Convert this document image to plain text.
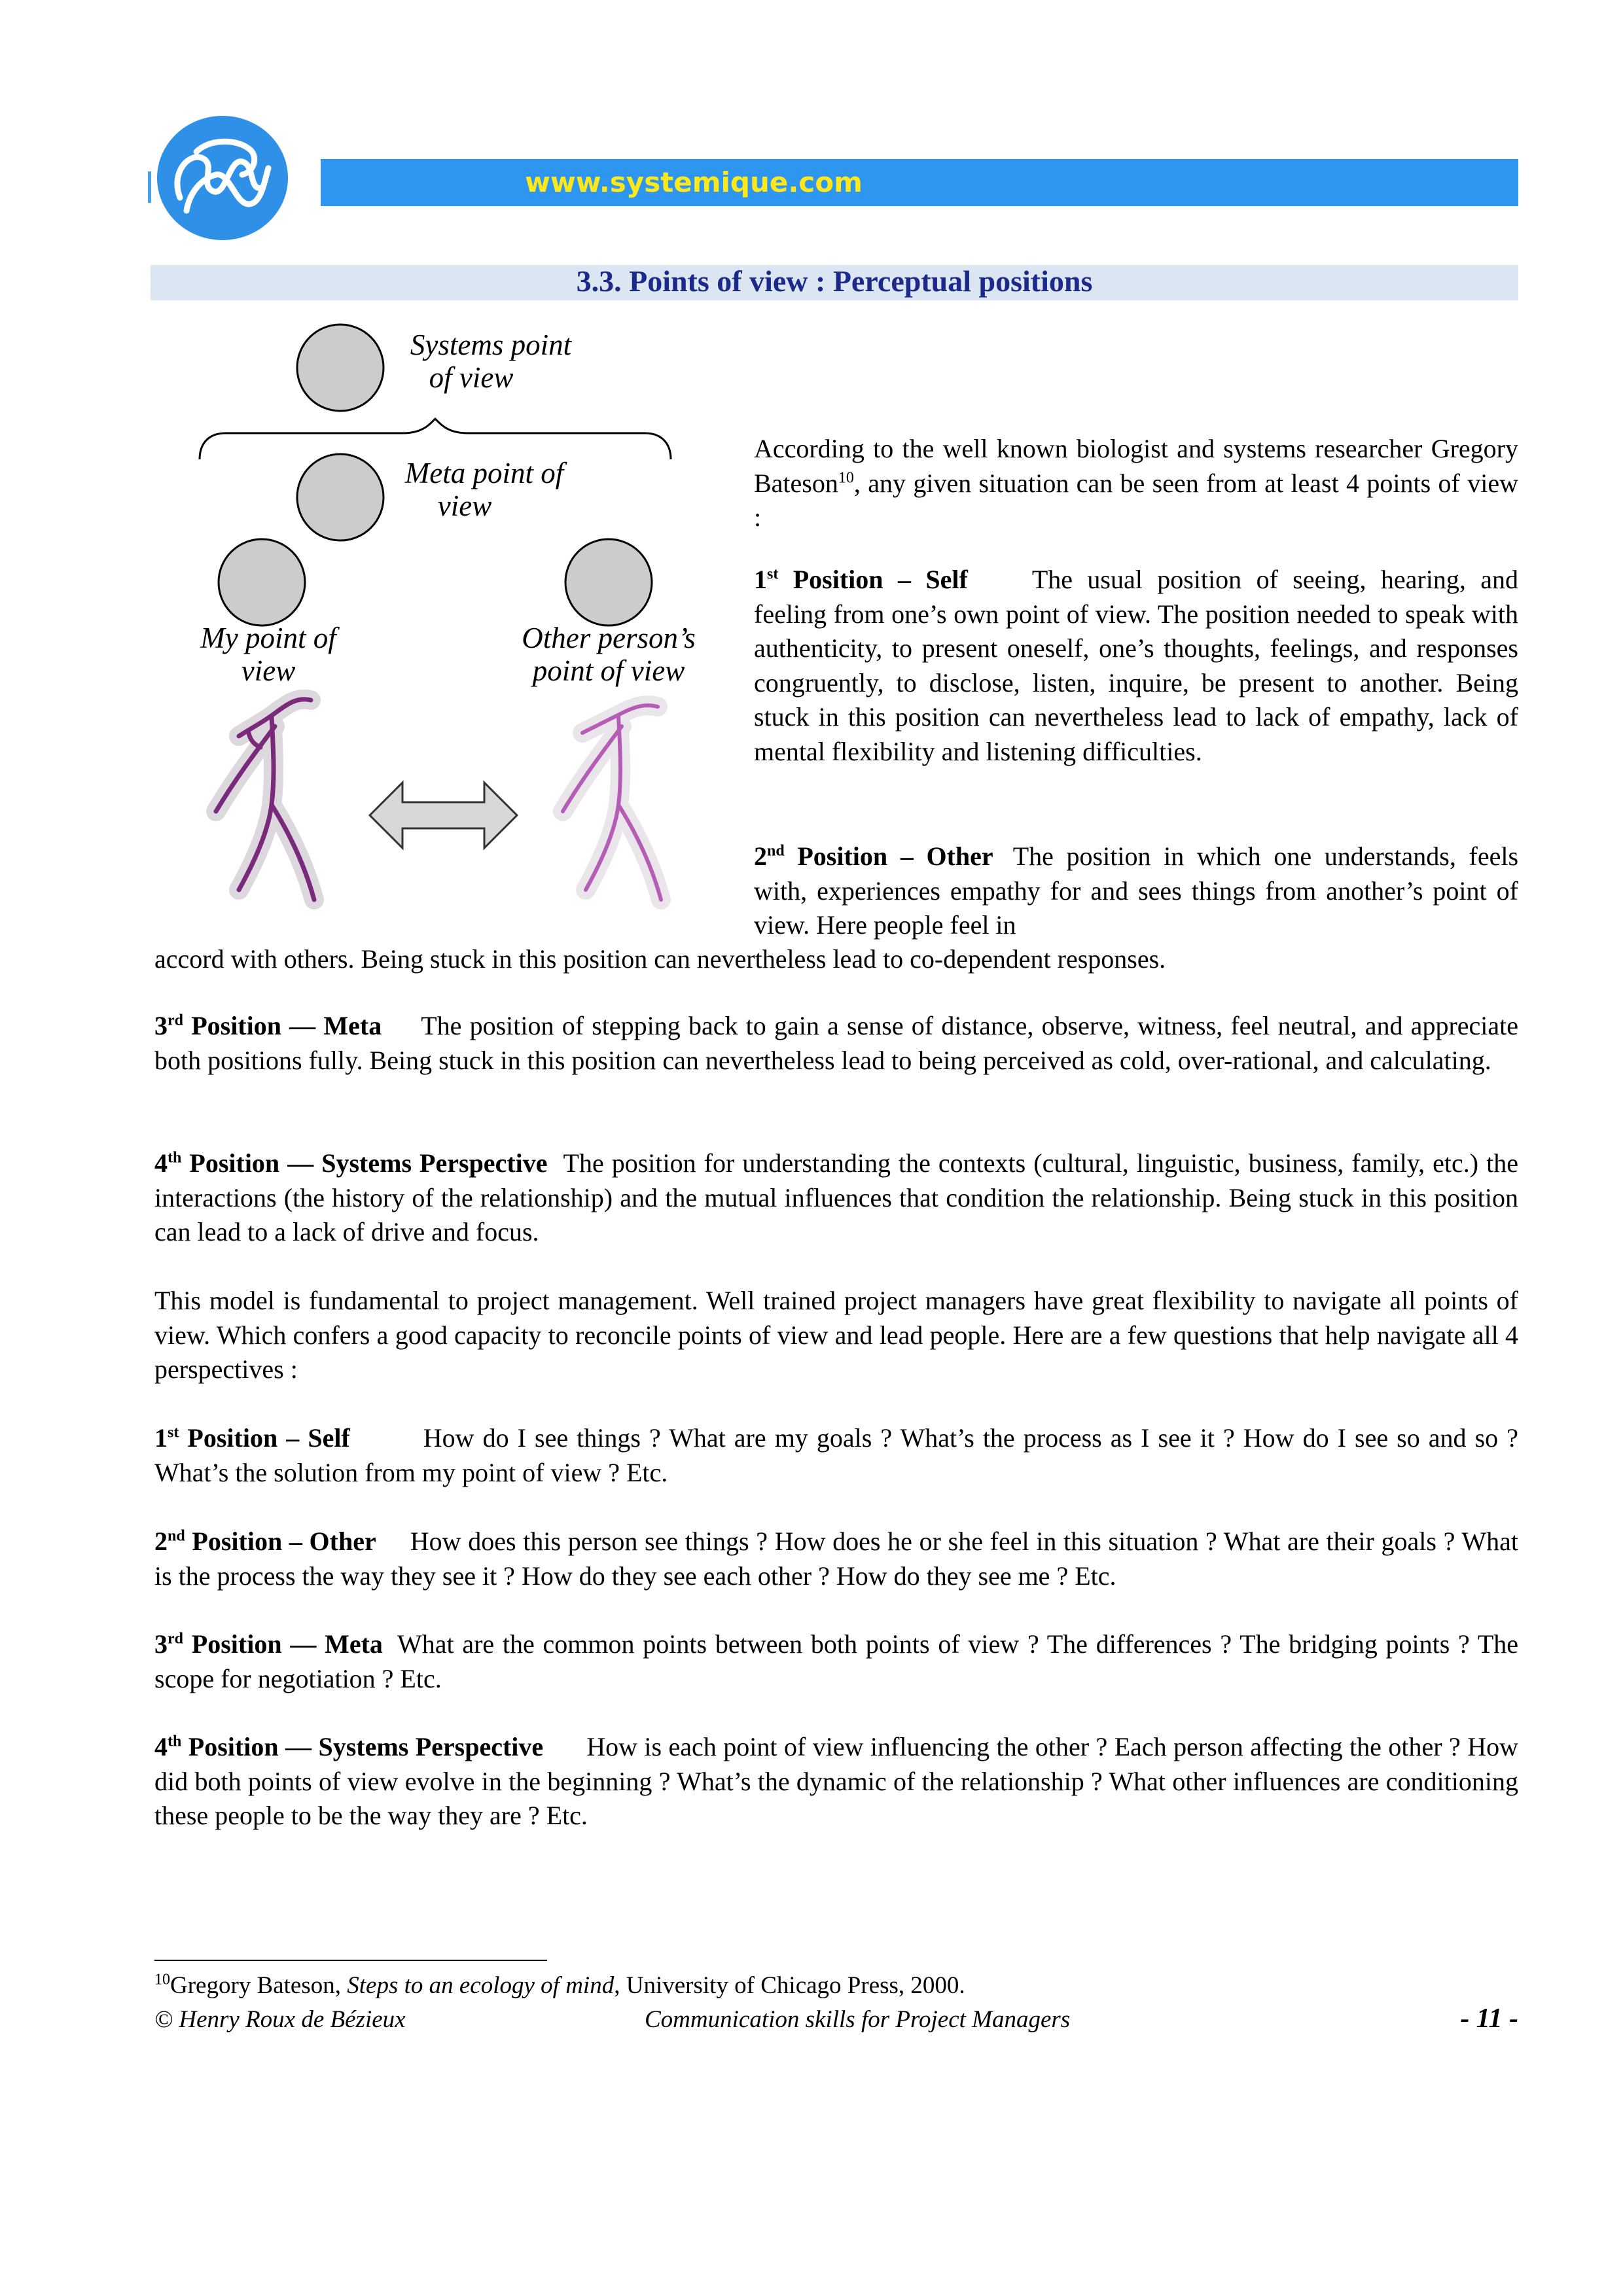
www.systemique.com
3.3. Points of view : Perceptual positions
Systems point
of view
Meta point of
view
My point of
view
Other person’s
point of view
According to the well known biologist and systems researcher Gregory Bateson$^{10}$, any given situation can be seen from at least 4 points of view :
1st Position – Self The usual position of seeing, hearing, and feeling from one’s own point of view. The position needed to speak with authenticity, to present oneself, one’s thoughts, feelings, and responses congruently, to disclose, listen, inquire, be present to another. Being stuck in this position can nevertheless lead to lack of empathy, lack of mental flexibility and listening difficulties.
2nd Position – Other The position in which one understands, feels with, experiences empathy for and sees things from another’s point of view. Here people feel in
accord with others. Being stuck in this position can nevertheless lead to co-dependent responses.
3rd Position — Meta The position of stepping back to gain a sense of distance, observe, witness, feel neutral, and appreciate both positions fully. Being stuck in this position can nevertheless lead to being perceived as cold, over-rational, and calculating.
4th Position — Systems Perspective The position for understanding the contexts (cultural, linguistic, business, family, etc.) the interactions (the history of the relationship) and the mutual influences that condition the relationship. Being stuck in this position can lead to a lack of drive and focus.
This model is fundamental to project management. Well trained project managers have great flexibility to navigate all points of view. Which confers a good capacity to reconcile points of view and lead people. Here are a few questions that help navigate all 4 perspectives :
1st Position – Self	How do I see things ? What are my goals ? What’s the process as I see it ? How do I see so and so ? What’s the solution from my point of view ? Etc.
2nd Position – Other How does this person see things ? How does he or she feel in this situation ? What are their goals ? What is the process the way they see it ? How do they see each other ? How do they see me ? Etc.
3rd Position — Meta What are the common points between both points of view ? The differences ? The bridging points ? The scope for negotiation ? Etc.
4th Position — Systems Perspective How is each point of view influencing the other ? Each person affecting the other ? How did both points of view evolve in the beginning ? What’s the dynamic of the relationship ? What other influences are conditioning these people to be the way they are ? Etc.
$^{10}$Gregory Bateson, Steps to an ecology of mind, University of Chicago Press, 2000.
© Henry Roux de Bézieux	Communication skills for Project Managers	- 11 -
